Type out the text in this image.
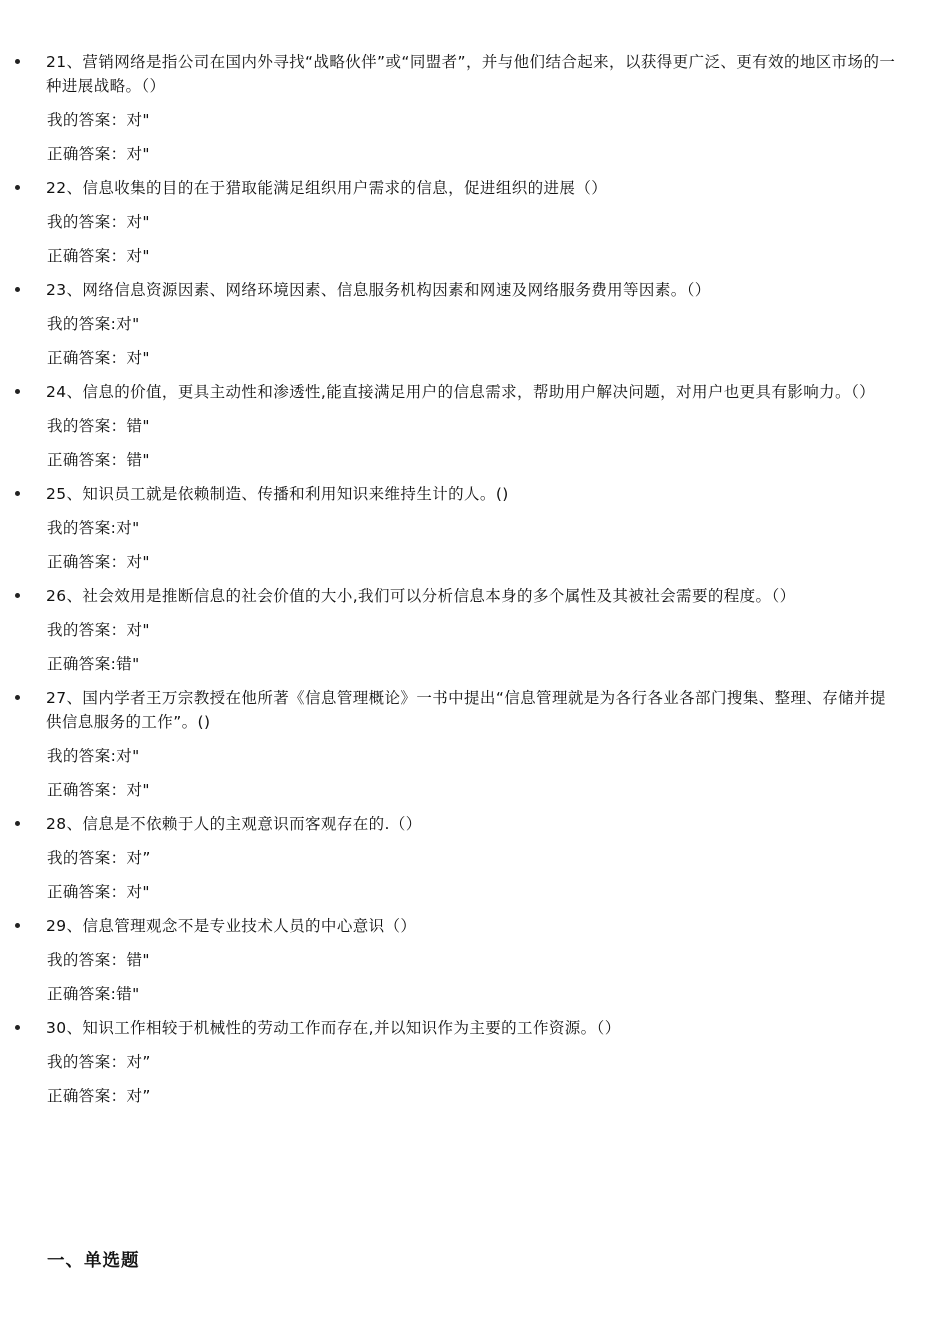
21、营销网络是指公司在国内外寻找“战略伙伴”或“同盟者”，并与他们结合起来，以获得更广泛、更有效的地区市场的一种进展战略。（）

我的答案：对"

正确答案：对"

22、信息收集的目的在于猎取能满足组织用户需求的信息，促进组织的进展（）

我的答案：对"

正确答案：对"

23、网络信息资源因素、网络环境因素、信息服务机构因素和网速及网络服务费用等因素。（）

我的答案:对"

正确答案：对"

24、信息的价值，更具主动性和渗透性,能直接满足用户的信息需求，帮助用户解决问题，对用户也更具有影响力。（）

我的答案：错"

正确答案：错"

25、知识员工就是依赖制造、传播和利用知识来维持生计的人。()

我的答案:对"

正确答案：对"

26、社会效用是推断信息的社会价值的大小,我们可以分析信息本身的多个属性及其被社会需要的程度。（）

我的答案：对"

正确答案:错"

27、国内学者王万宗教授在他所著《信息管理概论》一书中提出“信息管理就是为各行各业各部门搜集、整理、存储并提供信息服务的工作”。()

我的答案:对"

正确答案：对"

28、信息是不依赖于人的主观意识而客观存在的.（）

我的答案：对”

正确答案：对"

29、信息管理观念不是专业技术人员的中心意识（）

我的答案：错"

正确答案:错"

30、知识工作相较于机械性的劳动工作而存在,并以知识作为主要的工作资源。（）

我的答案：对”

正确答案：对”

一、单选题
